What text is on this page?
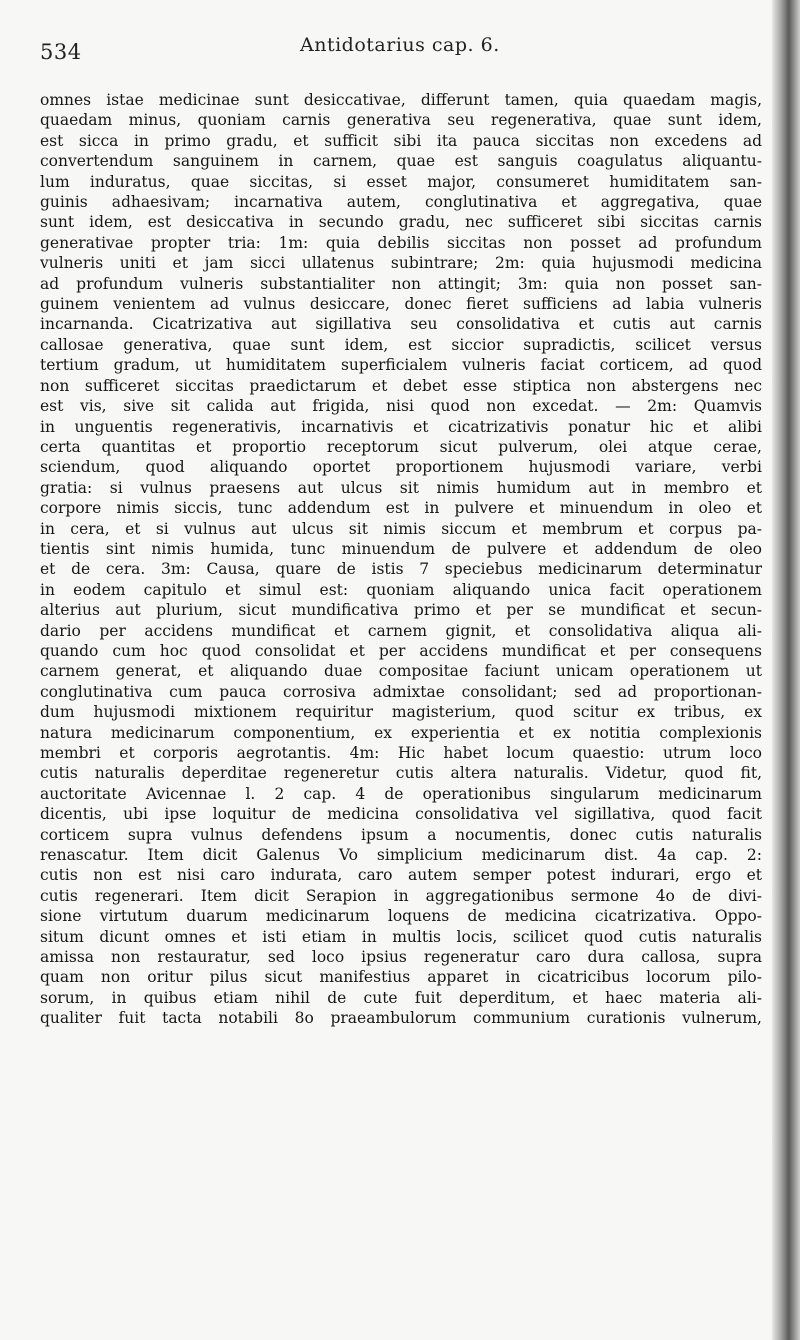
534	Antidotarius cap. 6.
omnes istae medicinae sunt desiccativae, differunt tamen, quia quaedam magis,
quaedam minus, quoniam carnis generativa seu regenerativa, quae sunt idem,
est sicca in primo gradu, et sufficit sibi ita pauca siccitas non excedens ad
convertendum sanguinem in carnem, quae est sanguis coagulatus aliquantu-
lum induratus, quae siccitas, si esset major, consumeret humiditatem san-
guinis adhaesivam; incarnativa autem, conglutinativa et aggregativa, quae
sunt idem, est desiccativa in secundo gradu, nec sufficeret sibi siccitas carnis
generativae propter tria: 1m: quia debilis siccitas non posset ad profundum
vulneris uniti et jam sicci ullatenus subintrare; 2m: quia hujusmodi medicina
ad profundum vulneris substantialiter non attingit; 3m: quia non posset san-
guinem venientem ad vulnus desiccare, donec fieret sufficiens ad labia vulneris
incarnanda. Cicatrizativa aut sigillativa seu consolidativa et cutis aut carnis
callosae generativa, quae sunt idem, est siccior supradictis, scilicet versus
tertium gradum, ut humiditatem superficialem vulneris faciat corticem, ad quod
non sufficeret siccitas praedictarum et debet esse stiptica non abstergens nec
est vis, sive sit calida aut frigida, nisi quod non excedat. — 2m: Quamvis
in unguentis regenerativis, incarnativis et cicatrizativis ponatur hic et alibi
certa quantitas et proportio receptorum sicut pulverum, olei atque cerae,
sciendum, quod aliquando oportet proportionem hujusmodi variare, verbi
gratia: si vulnus praesens aut ulcus sit nimis humidum aut in membro et
corpore nimis siccis, tunc addendum est in pulvere et minuendum in oleo et
in cera, et si vulnus aut ulcus sit nimis siccum et membrum et corpus pa-
tientis sint nimis humida, tunc minuendum de pulvere et addendum de oleo
et de cera. 3m: Causa, quare de istis 7 speciebus medicinarum determinatur
in eodem capitulo et simul est: quoniam aliquando unica facit operationem
alterius aut plurium, sicut mundificativa primo et per se mundificat et secun-
dario per accidens mundificat et carnem gignit, et consolidativa aliqua ali-
quando cum hoc quod consolidat et per accidens mundificat et per consequens
carnem generat, et aliquando duae compositae faciunt unicam operationem ut
conglutinativa cum pauca corrosiva admixtae consolidant; sed ad proportionan-
dum hujusmodi mixtionem requiritur magisterium, quod scitur ex tribus, ex
natura medicinarum componentium, ex experientia et ex notitia complexionis
membri et corporis aegrotantis. 4m: Hic habet locum quaestio: utrum loco
cutis naturalis deperditae regeneretur cutis altera naturalis. Videtur, quod fit,
auctoritate Avicennae l. 2 cap. 4 de operationibus singularum medicinarum
dicentis, ubi ipse loquitur de medicina consolidativa vel sigillativa, quod facit
corticem supra vulnus defendens ipsum a nocumentis, donec cutis naturalis
renascatur. Item dicit Galenus Vo simplicium medicinarum dist. 4a cap. 2:
cutis non est nisi caro indurata, caro autem semper potest indurari, ergo et
cutis regenerari. Item dicit Serapion in aggregationibus sermone 4o de divi-
sione virtutum duarum medicinarum loquens de medicina cicatrizativa. Oppo-
situm dicunt omnes et isti etiam in multis locis, scilicet quod cutis naturalis
amissa non restauratur, sed loco ipsius regeneratur caro dura callosa, supra
quam non oritur pilus sicut manifestius apparet in cicatricibus locorum pilo-
sorum, in quibus etiam nihil de cute fuit deperditum, et haec materia ali-
qualiter fuit tacta notabili 8o praeambulorum communium curationis vulnerum,
